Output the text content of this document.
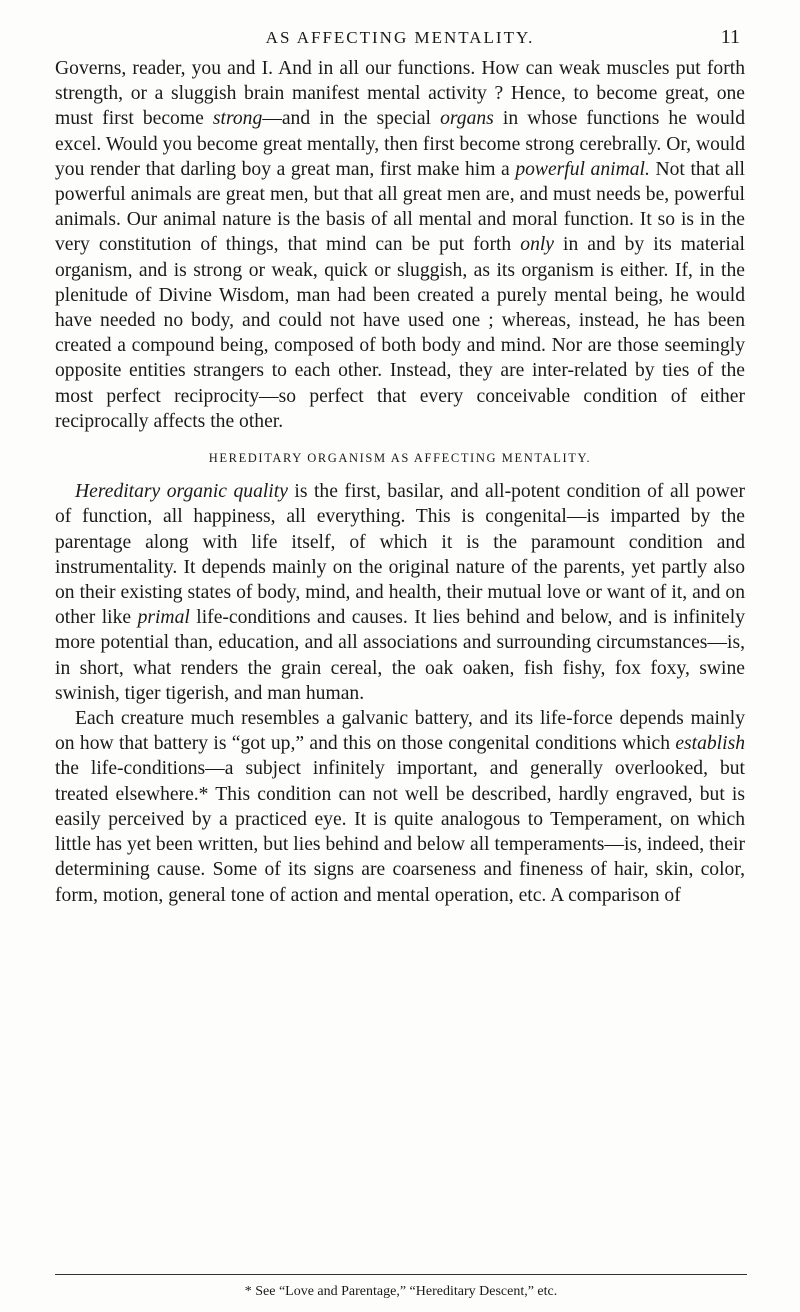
AS AFFECTING MENTALITY.	11

Governs, reader, you and I. And in all our functions. How can weak muscles put forth strength, or a sluggish brain manifest mental activity ? Hence, to become great, one must first become strong—and in the special organs in whose functions he would excel. Would you become great mentally, then first become strong cerebrally. Or, would you render that darling boy a great man, first make him a powerful animal. Not that all powerful animals are great men, but that all great men are, and must needs be, powerful animals. Our animal nature is the basis of all mental and moral function. It so is in the very constitution of things, that mind can be put forth only in and by its material organism, and is strong or weak, quick or sluggish, as its organism is either. If, in the plenitude of Divine Wisdom, man had been created a purely mental being, he would have needed no body, and could not have used one ; whereas, instead, he has been created a compound being, composed of both body and mind. Nor are those seemingly opposite entities strangers to each other. Instead, they are inter-related by ties of the most perfect reciprocity—so perfect that every conceivable condition of either reciprocally affects the other.

HEREDITARY ORGANISM AS AFFECTING MENTALITY.

Hereditary organic quality is the first, basilar, and all-potent condition of all power of function, all happiness, all everything. This is congenital—is imparted by the parentage along with life itself, of which it is the paramount condition and instrumentality. It depends mainly on the original nature of the parents, yet partly also on their existing states of body, mind, and health, their mutual love or want of it, and on other like primal life-conditions and causes. It lies behind and below, and is infinitely more potential than, education, and all associations and surrounding circumstances—is, in short, what renders the grain cereal, the oak oaken, fish fishy, fox foxy, swine swinish, tiger tigerish, and man human.

Each creature much resembles a galvanic battery, and its life-force depends mainly on how that battery is “got up,” and this on those congenital conditions which establish the life-conditions—a subject infinitely important, and generally overlooked, but treated elsewhere.* This condition can not well be described, hardly engraved, but is easily perceived by a practiced eye. It is quite analogous to Temperament, on which little has yet been written, but lies behind and below all temperaments—is, indeed, their determining cause. Some of its signs are coarseness and fineness of hair, skin, color, form, motion, general tone of action and mental operation, etc. A comparison of

* See “Love and Parentage,” “Hereditary Descent,” etc.
